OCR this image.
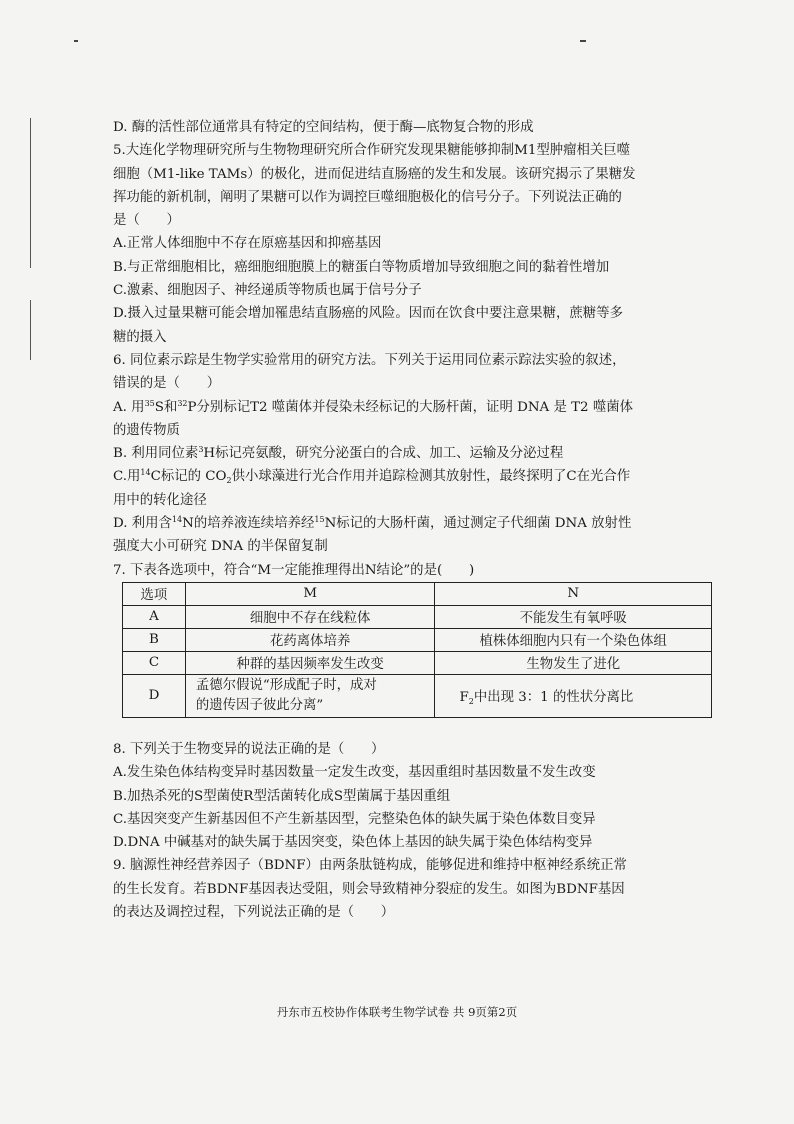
D. 酶的活性部位通常具有特定的空间结构，便于酶—底物复合物的形成
5.大连化学物理研究所与生物物理研究所合作研究发现果糖能够抑制M1型肿瘤相关巨噬
细胞（M1-like TAMs）的极化，进而促进结直肠癌的发生和发展。该研究揭示了果糖发
挥功能的新机制，阐明了果糖可以作为调控巨噬细胞极化的信号分子。下列说法正确的
是（　　）
A.正常人体细胞中不存在原癌基因和抑癌基因
B.与正常细胞相比，癌细胞细胞膜上的糖蛋白等物质增加导致细胞之间的黏着性增加
C.激素、细胞因子、神经递质等物质也属于信号分子
D.摄入过量果糖可能会增加罹患结直肠癌的风险。因而在饮食中要注意果糖，蔗糖等多
糖的摄入
6. 同位素示踪是生物学实验常用的研究方法。下列关于运用同位素示踪法实验的叙述，
错误的是（　　）
A. 用$^{35}$S和$^{32}$P分别标记T2 噬菌体并侵染未经标记的大肠杆菌，证明 DNA 是 T2 噬菌体
的遗传物质
B. 利用同位素$^3$H标记亮氨酸，研究分泌蛋白的合成、加工、运输及分泌过程
C.用$^{14}$C标记的 $CO_2$供小球藻进行光合作用并追踪检测其放射性，最终探明了C在光合作
用中的转化途径
D. 利用含$^{14}$N的培养液连续培养经$^{15}$N标记的大肠杆菌，通过测定子代细菌 DNA 放射性
强度大小可研究 DNA 的半保留复制
7. 下表各选项中，符合“M一定能推理得出N结论”的是(　　)
选项	M	N
A	细胞中不存在线粒体	不能发生有氧呼吸
B	花药离体培养	植株体细胞内只有一个染色体组
C	种群的基因频率发生改变	生物发生了进化
D	孟德尔假说“形成配子时，成对
的遗传因子彼此分离”	$F_2$中出现 3：1 的性状分离比
8. 下列关于生物变异的说法正确的是（　　）
A.发生染色体结构变异时基因数量一定发生改变，基因重组时基因数量不发生改变
B.加热杀死的S型菌使R型活菌转化成S型菌属于基因重组
C.基因突变产生新基因但不产生新基因型，完整染色体的缺失属于染色体数目变异
D.DNA 中碱基对的缺失属于基因突变，染色体上基因的缺失属于染色体结构变异
9. 脑源性神经营养因子（BDNF）由两条肽链构成，能够促进和维持中枢神经系统正常
的生长发育。若BDNF基因表达受阻，则会导致精神分裂症的发生。如图为BDNF基因
的表达及调控过程，下列说法正确的是（　　）
丹东市五校协作体联考生物学试卷 共 9页第2页
